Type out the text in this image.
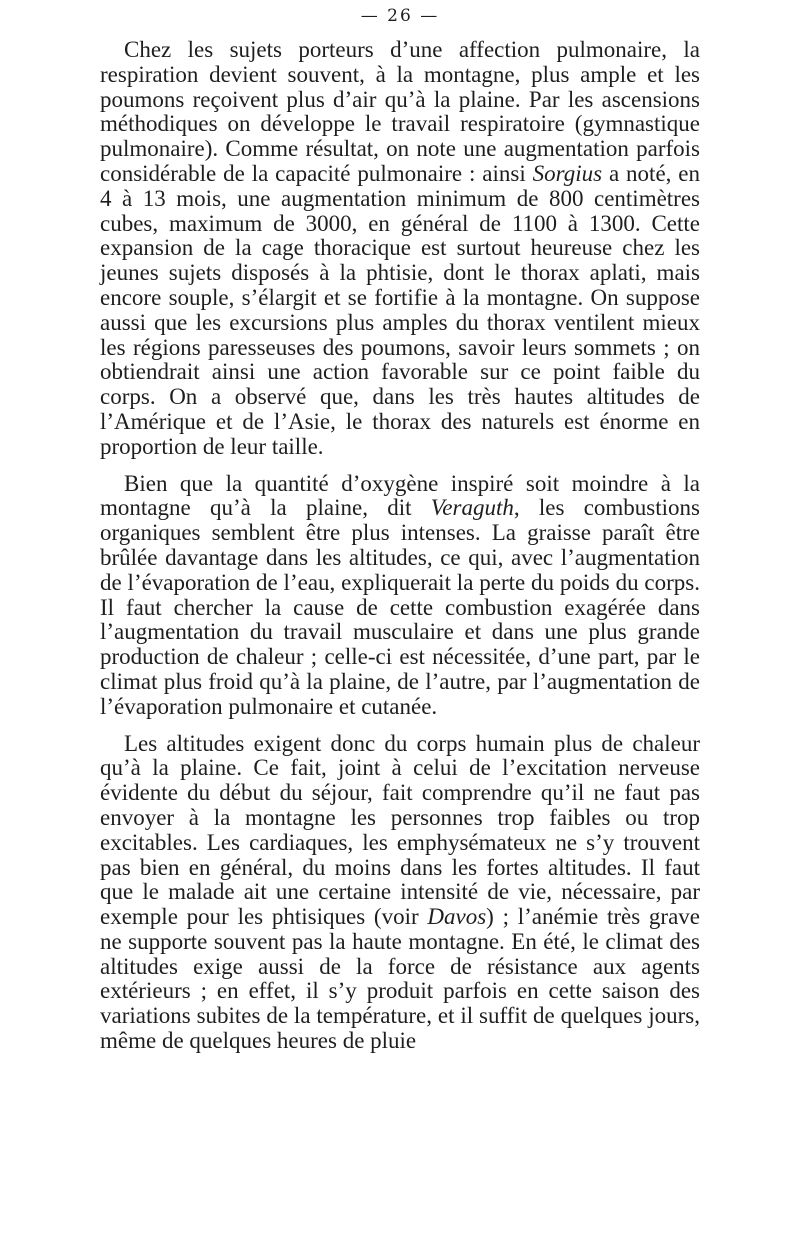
— 26 —

Chez les sujets porteurs d’une affection pulmonaire, la respiration devient souvent, à la montagne, plus ample et les poumons reçoivent plus d’air qu’à la plaine. Par les ascensions méthodiques on développe le travail respiratoire (gymnastique pulmonaire). Comme résultat, on note une augmentation parfois considérable de la capacité pulmonaire : ainsi Sorgius a noté, en 4 à 13 mois, une augmentation minimum de 800 centimètres cubes, maximum de 3000, en général de 1100 à 1300. Cette expansion de la cage thoracique est surtout heureuse chez les jeunes sujets disposés à la phtisie, dont le thorax aplati, mais encore souple, s’élargit et se fortifie à la montagne. On suppose aussi que les excursions plus amples du thorax ventilent mieux les régions paresseuses des poumons, savoir leurs sommets ; on obtiendrait ainsi une action favorable sur ce point faible du corps. On a observé que, dans les très hautes altitudes de l’Amérique et de l’Asie, le thorax des naturels est énorme en proportion de leur taille.

Bien que la quantité d’oxygène inspiré soit moindre à la montagne qu’à la plaine, dit Veraguth, les combustions organiques semblent être plus intenses. La graisse paraît être brûlée davantage dans les altitudes, ce qui, avec l’augmentation de l’évaporation de l’eau, expliquerait la perte du poids du corps. Il faut chercher la cause de cette combustion exagérée dans l’augmentation du travail musculaire et dans une plus grande production de chaleur ; celle-ci est nécessitée, d’une part, par le climat plus froid qu’à la plaine, de l’autre, par l’augmentation de l’évaporation pulmonaire et cutanée.

Les altitudes exigent donc du corps humain plus de chaleur qu’à la plaine. Ce fait, joint à celui de l’excitation nerveuse évidente du début du séjour, fait comprendre qu’il ne faut pas envoyer à la montagne les personnes trop faibles ou trop excitables. Les cardiaques, les emphysémateux ne s’y trouvent pas bien en général, du moins dans les fortes altitudes. Il faut que le malade ait une certaine intensité de vie, nécessaire, par exemple pour les phtisiques (voir Davos) ; l’anémie très grave ne supporte souvent pas la haute montagne. En été, le climat des altitudes exige aussi de la force de résistance aux agents extérieurs ; en effet, il s’y produit parfois en cette saison des variations subites de la température, et il suffit de quelques jours, même de quelques heures de pluie
